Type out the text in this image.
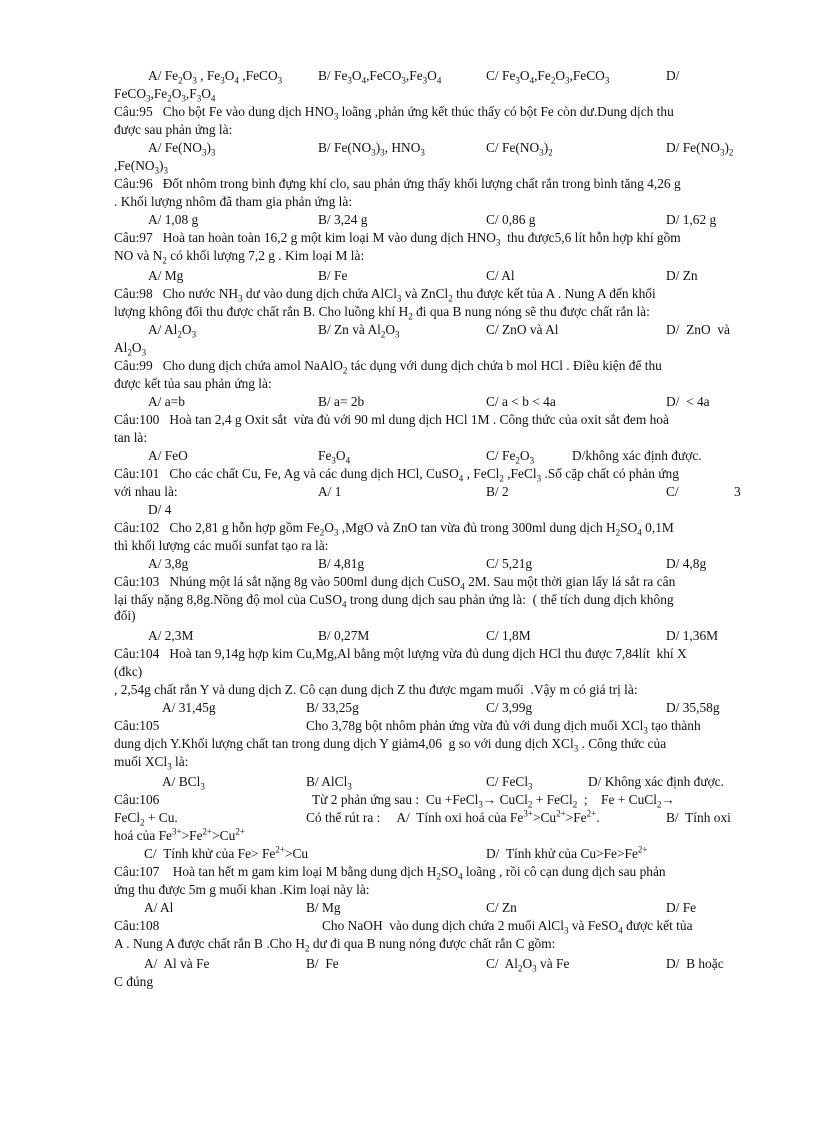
A/ $Fe_2O_3$ , $Fe_3O_4$ ,FeCO$_3$	B/ $Fe_3O_4,FeCO_3,Fe_3O_4$	C/ $Fe_3O_4,Fe_2O_3,FeCO_3$	D/
$FeCO_3,Fe_2O_3,F_3O_4$
Câu:95   Cho bột Fe vào dung dịch $HNO_3$ loãng ,phản ứng kết thúc thấy có bột Fe còn dư.Dung dịch thu
được sau phản ứng là:
A/ $Fe(NO_3)_3$	B/ $Fe(NO_3)_3$, $HNO_3$	C/ $Fe(NO_3)_2$	D/ $Fe(NO_3)_2$
$,Fe(NO_3)_3$
Câu:96   Đốt nhôm trong bình đựng khí clo, sau phản ứng thấy khối lượng chất rắn trong bình tăng 4,26 g
. Khối lượng nhôm đã tham gia phản ứng là:
A/ 1,08 g	B/ 3,24 g	C/ 0,86 g	D/ 1,62 g
Câu:97   Hoà tan hoàn toàn 16,2 g một kim loại M vào dung dịch $HNO_3$  thu được5,6 lít hỗn hợp khí gồm
NO và $N_2$ có khối lượng 7,2 g . Kim loại M là:
A/ Mg	B/ Fe	C/ Al	D/ Zn
Câu:98   Cho nước $NH_3$ dư vào dung dịch chứa AlCl$_3$ và ZnCl$_2$ thu được kết tủa A . Nung A đến khối
lượng không đổi thu được chất rắn B. Cho luồng khí $H_2$ đi qua B nung nóng sẽ thu được chất rắn là:
A/ $Al_2O_3$	B/ Zn và $Al_2O_3$	C/ ZnO và Al	D/  ZnO  và
$Al_2O_3$
Câu:99   Cho dung dịch chứa amol NaAlO$_2$ tác dụng với dung dịch chứa b mol HCl . Điều kiện để thu
được kết tủa sau phản ứng là:
A/ a=b	B/ a= 2b	C/ a < b < 4a	D/  < 4a
Câu:100   Hoà tan 2,4 g Oxit sắt  vừa đủ với 90 ml dung dịch HCl 1M . Công thức của oxit sắt đem hoà
tan là:
A/ FeO	$Fe_3O_4$	C/ $Fe_2O_3$	D/không xác định được.
Câu:101   Cho các chất Cu, Fe, Ag và các dung dịch HCl, CuSO$_4$ , FeCl$_2$ ,FeCl$_3$ .Số cặp chất có phản ứng
với nhau là:	A/ 1	B/ 2	C/	3
D/ 4
Câu:102   Cho 2,81 g hỗn hợp gồm $Fe_2O_3$ ,MgO và ZnO tan vừa đủ trong 300ml dung dịch $H_2SO_4$ 0,1M
thì khối lượng các muối sunfat tạo ra là:
A/ 3,8g	B/ 4,81g	C/ 5,21g	D/ 4,8g
Câu:103   Nhúng một lá sắt nặng 8g vào 500ml dung dịch CuSO$_4$ 2M. Sau một thời gian lấy lá sắt ra cân
lại thấy nặng 8,8g.Nồng độ mol của CuSO$_4$ trong dung dịch sau phản ứng là:  ( thể tích dung dịch không
đổi)
A/ 2,3M	B/ 0,27M	C/ 1,8M	D/ 1,36M
Câu:104   Hoà tan 9,14g hợp kim Cu,Mg,Al bằng một lượng vừa đủ dung dịch HCl thu được 7,84lít  khí X
(đkc)
, 2,54g chất rắn Y và dung dịch Z. Cô cạn dung dịch Z thu được mgam muối  .Vậy m có giá trị là:
A/ 31,45g	B/ 33,25g	C/ 3,99g	D/ 35,58g
Câu:105	Cho 3,78g bột nhôm phản ứng vừa đủ với dung dịch muối XCl$_3$ tạo thành
dung dịch Y.Khối lượng chất tan trong dung dịch Y giảm4,06  g so với dung dịch XCl$_3$ . Công thức của
muối XCl$_3$ là:
A/ BCl$_3$	B/ AlCl$_3$	C/ FeCl$_3$	D/ Không xác định được.
Câu:106	Từ 2 phản ứng sau :  Cu +FeCl$_3$→ CuCl$_2$ + FeCl$_2$  ;    Fe + CuCl$_2$→
FeCl$_2$ + Cu.	Có thể rút ra :     A/  Tính oxi hoá của $Fe^{3+}>Cu^{2+}>Fe^{2+}$.	B/  Tính oxi
hoá của $Fe^{3+}>Fe^{2+}>Cu^{2+}$
C/  Tính khử của $Fe> Fe^{2+}>Cu$	D/  Tính khử của $Cu>Fe>Fe^{2+}$
Câu:107    Hoà tan hết m gam kim loại M bằng dung dịch $H_2SO_4$ loãng , rồi cô cạn dung dịch sau phản
ứng thu được 5m g muối khan .Kim loại này là:
A/ Al	B/ Mg	C/ Zn	D/ Fe
Câu:108	Cho NaOH  vào dung dịch chứa 2 muối AlCl$_3$ và FeSO$_4$ được kết tủa
A . Nung A được chất rắn B .Cho $H_2$ dư đi qua B nung nóng được chất rắn C gồm:
A/  Al và Fe	B/  Fe	C/  $Al_2O_3$ và Fe	D/  B hoặc
C đúng
